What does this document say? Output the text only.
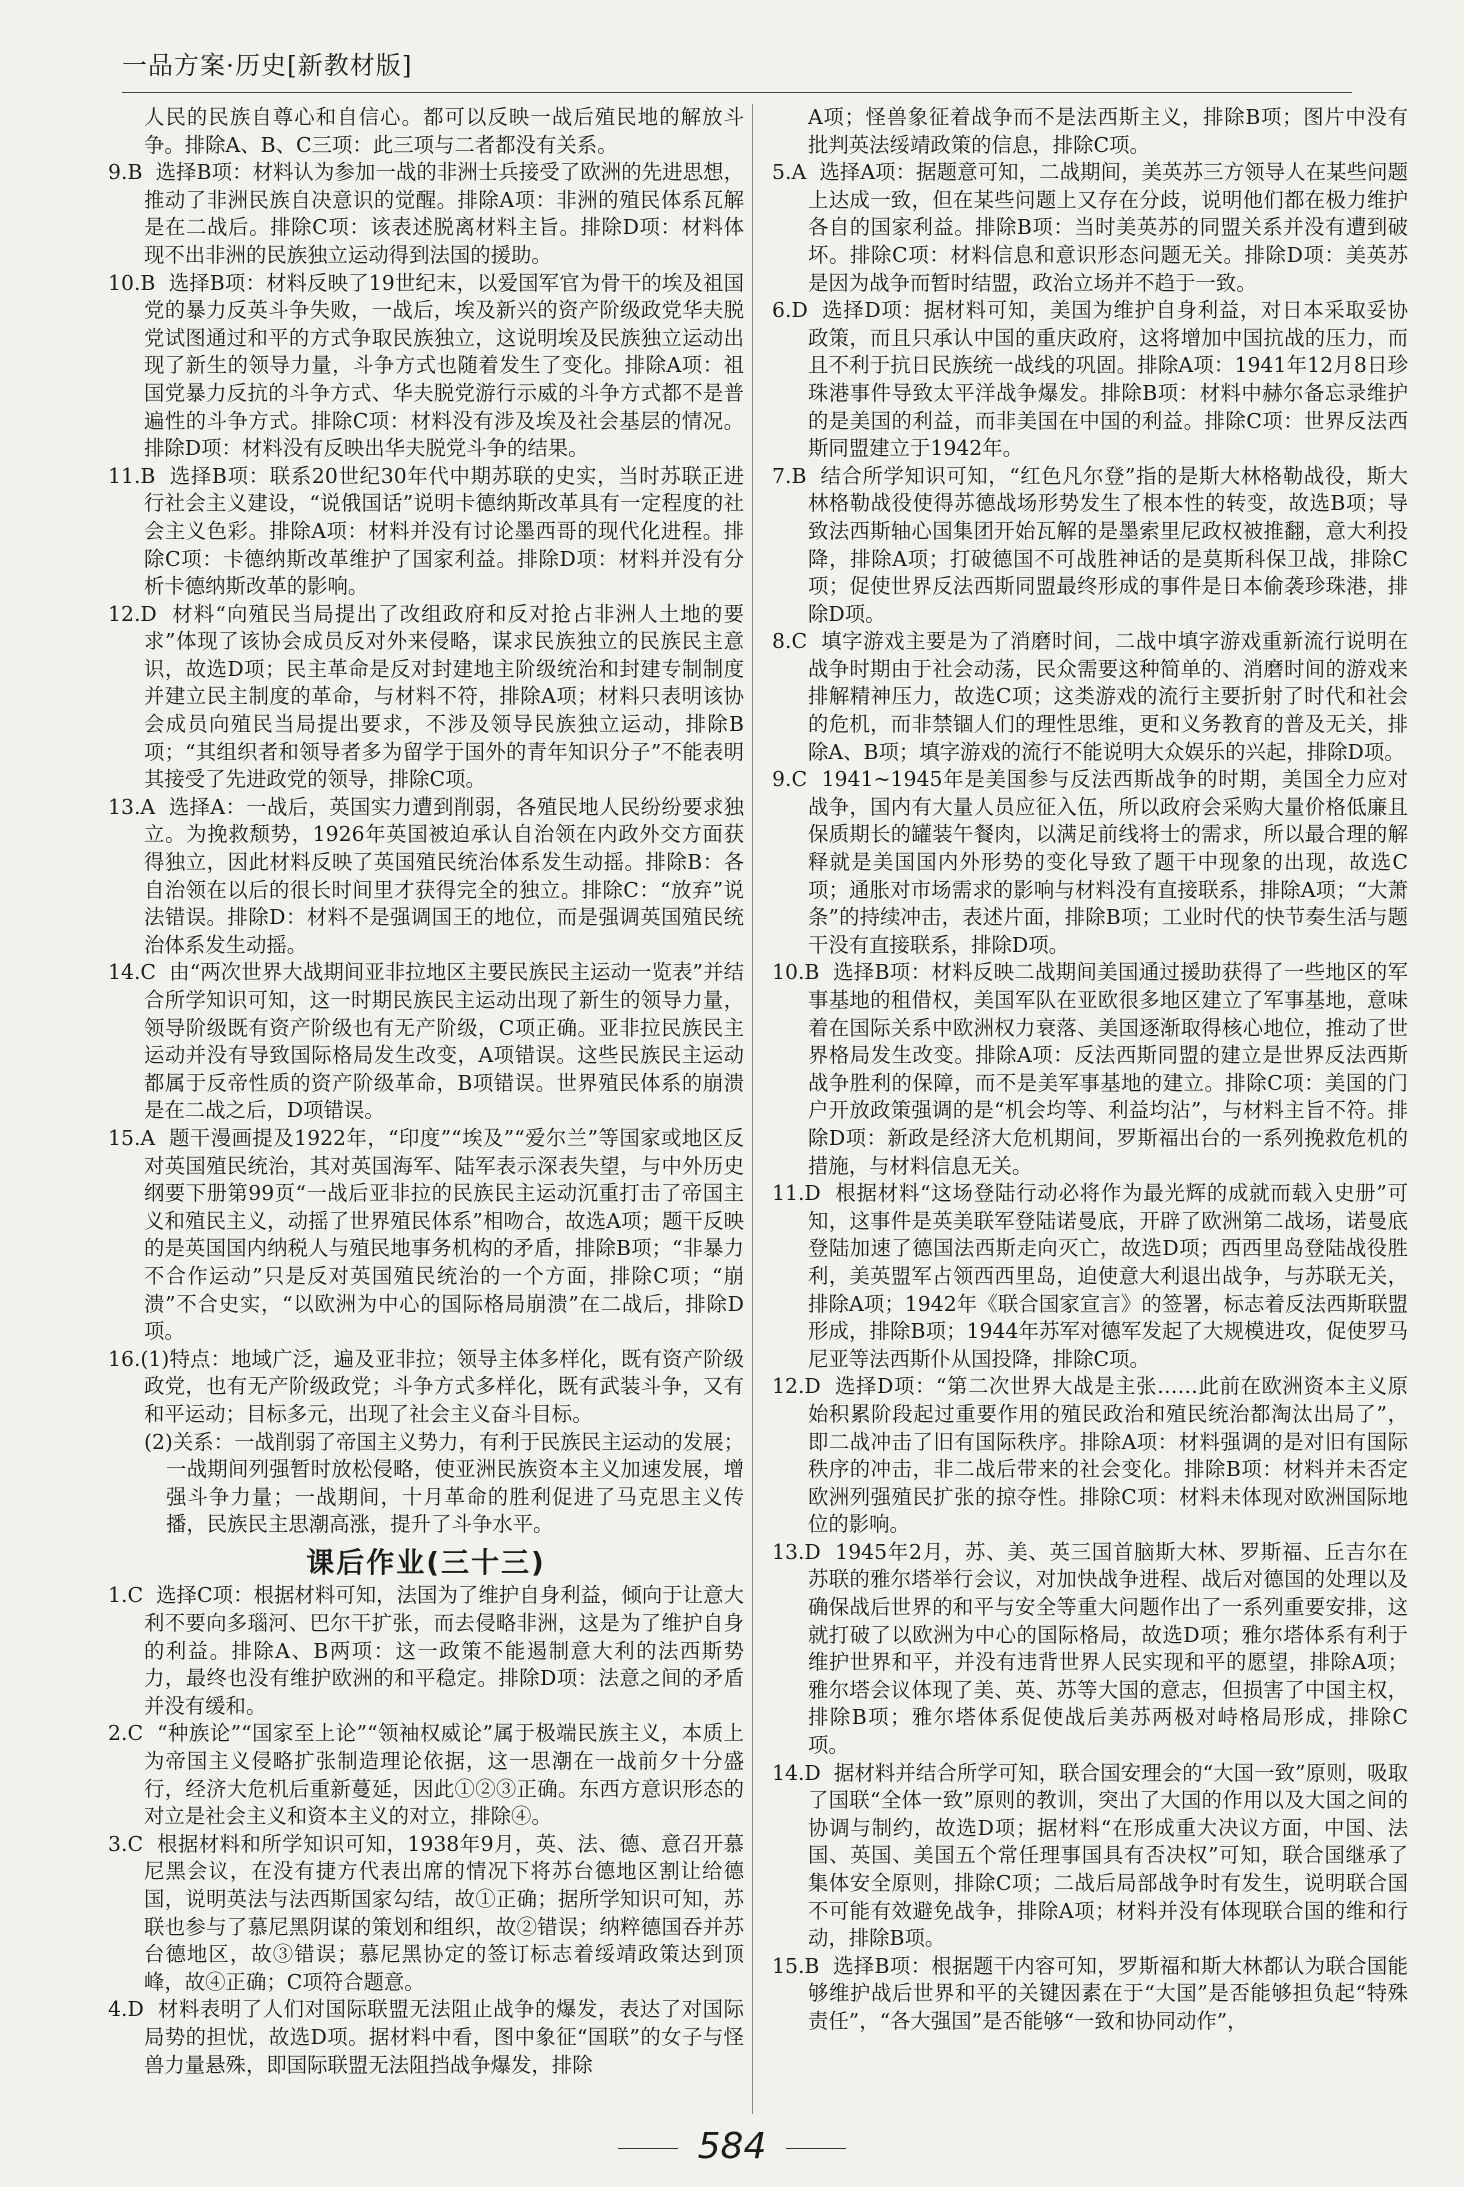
一品方案·历史[新教材版]

人民的民族自尊心和自信心。都可以反映一战后殖民地的解放斗争。排除A、B、C三项：此三项与二者都没有关系。

9.B  选择B项：材料认为参加一战的非洲士兵接受了欧洲的先进思想，推动了非洲民族自决意识的觉醒。排除A项：非洲的殖民体系瓦解是在二战后。排除C项：该表述脱离材料主旨。排除D项：材料体现不出非洲的民族独立运动得到法国的援助。

10.B  选择B项：材料反映了19世纪末，以爱国军官为骨干的埃及祖国党的暴力反英斗争失败，一战后，埃及新兴的资产阶级政党华夫脱党试图通过和平的方式争取民族独立，这说明埃及民族独立运动出现了新生的领导力量，斗争方式也随着发生了变化。排除A项：祖国党暴力反抗的斗争方式、华夫脱党游行示威的斗争方式都不是普遍性的斗争方式。排除C项：材料没有涉及埃及社会基层的情况。排除D项：材料没有反映出华夫脱党斗争的结果。

11.B  选择B项：联系20世纪30年代中期苏联的史实，当时苏联正进行社会主义建设，“说俄国话”说明卡德纳斯改革具有一定程度的社会主义色彩。排除A项：材料并没有讨论墨西哥的现代化进程。排除C项：卡德纳斯改革维护了国家利益。排除D项：材料并没有分析卡德纳斯改革的影响。

12.D  材料“向殖民当局提出了改组政府和反对抢占非洲人土地的要求”体现了该协会成员反对外来侵略，谋求民族独立的民族民主意识，故选D项；民主革命是反对封建地主阶级统治和封建专制制度并建立民主制度的革命，与材料不符，排除A项；材料只表明该协会成员向殖民当局提出要求，不涉及领导民族独立运动，排除B项；“其组织者和领导者多为留学于国外的青年知识分子”不能表明其接受了先进政党的领导，排除C项。

13.A  选择A：一战后，英国实力遭到削弱，各殖民地人民纷纷要求独立。为挽救颓势，1926年英国被迫承认自治领在内政外交方面获得独立，因此材料反映了英国殖民统治体系发生动摇。排除B：各自治领在以后的很长时间里才获得完全的独立。排除C：“放弃”说法错误。排除D：材料不是强调国王的地位，而是强调英国殖民统治体系发生动摇。

14.C  由“两次世界大战期间亚非拉地区主要民族民主运动一览表”并结合所学知识可知，这一时期民族民主运动出现了新生的领导力量，领导阶级既有资产阶级也有无产阶级，C项正确。亚非拉民族民主运动并没有导致国际格局发生改变，A项错误。这些民族民主运动都属于反帝性质的资产阶级革命，B项错误。世界殖民体系的崩溃是在二战之后，D项错误。

15.A  题干漫画提及1922年，“印度”“埃及”“爱尔兰”等国家或地区反对英国殖民统治，其对英国海军、陆军表示深表失望，与中外历史纲要下册第99页“一战后亚非拉的民族民主运动沉重打击了帝国主义和殖民主义，动摇了世界殖民体系”相吻合，故选A项；题干反映的是英国国内纳税人与殖民地事务机构的矛盾，排除B项；“非暴力不合作运动”只是反对英国殖民统治的一个方面，排除C项；“崩溃”不合史实，“以欧洲为中心的国际格局崩溃”在二战后，排除D项。

16.(1)特点：地域广泛，遍及亚非拉；领导主体多样化，既有资产阶级政党，也有无产阶级政党；斗争方式多样化，既有武装斗争，又有和平运动；目标多元，出现了社会主义奋斗目标。

(2)关系：一战削弱了帝国主义势力，有利于民族民主运动的发展；一战期间列强暂时放松侵略，使亚洲民族资本主义加速发展，增强斗争力量；一战期间，十月革命的胜利促进了马克思主义传播，民族民主思潮高涨，提升了斗争水平。

课后作业(三十三)

1.C  选择C项：根据材料可知，法国为了维护自身利益，倾向于让意大利不要向多瑙河、巴尔干扩张，而去侵略非洲，这是为了维护自身的利益。排除A、B两项：这一政策不能遏制意大利的法西斯势力，最终也没有维护欧洲的和平稳定。排除D项：法意之间的矛盾并没有缓和。

2.C  “种族论”“国家至上论”“领袖权威论”属于极端民族主义，本质上为帝国主义侵略扩张制造理论依据，这一思潮在一战前夕十分盛行，经济大危机后重新蔓延，因此①②③正确。东西方意识形态的对立是社会主义和资本主义的对立，排除④。

3.C  根据材料和所学知识可知，1938年9月，英、法、德、意召开慕尼黑会议，在没有捷方代表出席的情况下将苏台德地区割让给德国，说明英法与法西斯国家勾结，故①正确；据所学知识可知，苏联也参与了慕尼黑阴谋的策划和组织，故②错误；纳粹德国吞并苏台德地区，故③错误；慕尼黑协定的签订标志着绥靖政策达到顶峰，故④正确；C项符合题意。

4.D  材料表明了人们对国际联盟无法阻止战争的爆发，表达了对国际局势的担忧，故选D项。据材料中看，图中象征“国联”的女子与怪兽力量悬殊，即国际联盟无法阻挡战争爆发，排除

A项；怪兽象征着战争而不是法西斯主义，排除B项；图片中没有批判英法绥靖政策的信息，排除C项。

5.A  选择A项：据题意可知，二战期间，美英苏三方领导人在某些问题上达成一致，但在某些问题上又存在分歧，说明他们都在极力维护各自的国家利益。排除B项：当时美英苏的同盟关系并没有遭到破坏。排除C项：材料信息和意识形态问题无关。排除D项：美英苏是因为战争而暂时结盟，政治立场并不趋于一致。

6.D  选择D项：据材料可知，美国为维护自身利益，对日本采取妥协政策，而且只承认中国的重庆政府，这将增加中国抗战的压力，而且不利于抗日民族统一战线的巩固。排除A项：1941年12月8日珍珠港事件导致太平洋战争爆发。排除B项：材料中赫尔备忘录维护的是美国的利益，而非美国在中国的利益。排除C项：世界反法西斯同盟建立于1942年。

7.B  结合所学知识可知，“红色凡尔登”指的是斯大林格勒战役，斯大林格勒战役使得苏德战场形势发生了根本性的转变，故选B项；导致法西斯轴心国集团开始瓦解的是墨索里尼政权被推翻，意大利投降，排除A项；打破德国不可战胜神话的是莫斯科保卫战，排除C项；促使世界反法西斯同盟最终形成的事件是日本偷袭珍珠港，排除D项。

8.C  填字游戏主要是为了消磨时间，二战中填字游戏重新流行说明在战争时期由于社会动荡，民众需要这种简单的、消磨时间的游戏来排解精神压力，故选C项；这类游戏的流行主要折射了时代和社会的危机，而非禁锢人们的理性思维，更和义务教育的普及无关，排除A、B项；填字游戏的流行不能说明大众娱乐的兴起，排除D项。

9.C  1941~1945年是美国参与反法西斯战争的时期，美国全力应对战争，国内有大量人员应征入伍，所以政府会采购大量价格低廉且保质期长的罐装午餐肉，以满足前线将士的需求，所以最合理的解释就是美国国内外形势的变化导致了题干中现象的出现，故选C项；通胀对市场需求的影响与材料没有直接联系，排除A项；“大萧条”的持续冲击，表述片面，排除B项；工业时代的快节奏生活与题干没有直接联系，排除D项。

10.B  选择B项：材料反映二战期间美国通过援助获得了一些地区的军事基地的租借权，美国军队在亚欧很多地区建立了军事基地，意味着在国际关系中欧洲权力衰落、美国逐渐取得核心地位，推动了世界格局发生改变。排除A项：反法西斯同盟的建立是世界反法西斯战争胜利的保障，而不是美军事基地的建立。排除C项：美国的门户开放政策强调的是“机会均等、利益均沾”，与材料主旨不符。排除D项：新政是经济大危机期间，罗斯福出台的一系列挽救危机的措施，与材料信息无关。

11.D  根据材料“这场登陆行动必将作为最光辉的成就而载入史册”可知，这事件是英美联军登陆诺曼底，开辟了欧洲第二战场，诺曼底登陆加速了德国法西斯走向灭亡，故选D项；西西里岛登陆战役胜利，美英盟军占领西西里岛，迫使意大利退出战争，与苏联无关，排除A项；1942年《联合国家宣言》的签署，标志着反法西斯联盟形成，排除B项；1944年苏军对德军发起了大规模进攻，促使罗马尼亚等法西斯仆从国投降，排除C项。

12.D  选择D项：“第二次世界大战是主张……此前在欧洲资本主义原始积累阶段起过重要作用的殖民政治和殖民统治都淘汰出局了”，即二战冲击了旧有国际秩序。排除A项：材料强调的是对旧有国际秩序的冲击，非二战后带来的社会变化。排除B项：材料并未否定欧洲列强殖民扩张的掠夺性。排除C项：材料未体现对欧洲国际地位的影响。

13.D  1945年2月，苏、美、英三国首脑斯大林、罗斯福、丘吉尔在苏联的雅尔塔举行会议，对加快战争进程、战后对德国的处理以及确保战后世界的和平与安全等重大问题作出了一系列重要安排，这就打破了以欧洲为中心的国际格局，故选D项；雅尔塔体系有利于维护世界和平，并没有违背世界人民实现和平的愿望，排除A项；雅尔塔会议体现了美、英、苏等大国的意志，但损害了中国主权，排除B项；雅尔塔体系促使战后美苏两极对峙格局形成，排除C项。

14.D  据材料并结合所学可知，联合国安理会的“大国一致”原则，吸取了国联“全体一致”原则的教训，突出了大国的作用以及大国之间的协调与制约，故选D项；据材料“在形成重大决议方面，中国、法国、英国、美国五个常任理事国具有否决权”可知，联合国继承了集体安全原则，排除C项；二战后局部战争时有发生，说明联合国不可能有效避免战争，排除A项；材料并没有体现联合国的维和行动，排除B项。

15.B  选择B项：根据题干内容可知，罗斯福和斯大林都认为联合国能够维护战后世界和平的关键因素在于“大国”是否能够担负起“特殊责任”，“各大强国”是否能够“一致和协同动作”，

584
